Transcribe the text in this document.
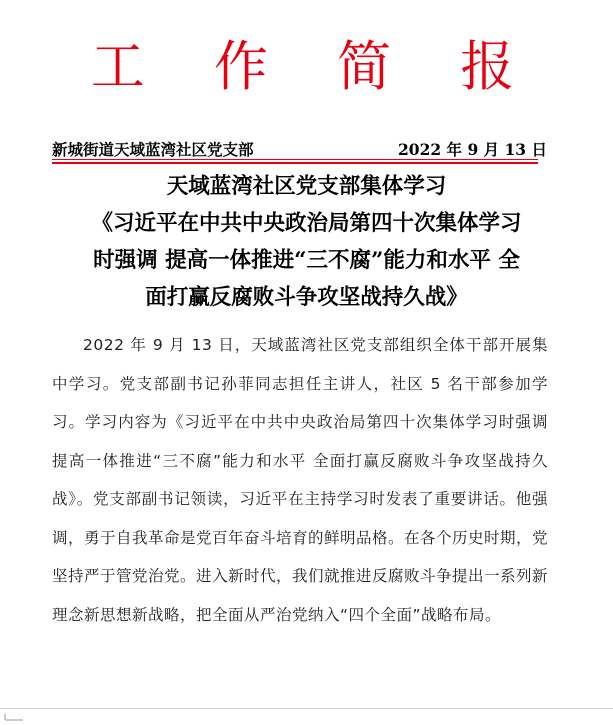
工 作 简 报
新城街道天域蓝湾社区党支部	2022 年 9 月 13 日
天域蓝湾社区党支部集体学习
《习近平在中共中央政治局第四十次集体学习
时强调 提高一体推进“三不腐”能力和水平 全
面打赢反腐败斗争攻坚战持久战》
2022 年 9 月 13 日，天域蓝湾社区党支部组织全体干部开展集中学习。党支部副书记孙菲同志担任主讲人，社区 5 名干部参加学习。学习内容为《习近平在中共中央政治局第四十次集体学习时强调 提高一体推进“三不腐”能力和水平 全面打赢反腐败斗争攻坚战持久战》。党支部副书记领读，习近平在主持学习时发表了重要讲话。他强调，勇于自我革命是党百年奋斗培育的鲜明品格。在各个历史时期，党坚持严于管党治党。进入新时代，我们就推进反腐败斗争提出一系列新理念新思想新战略，把全面从严治党纳入“四个全面”战略布局。
